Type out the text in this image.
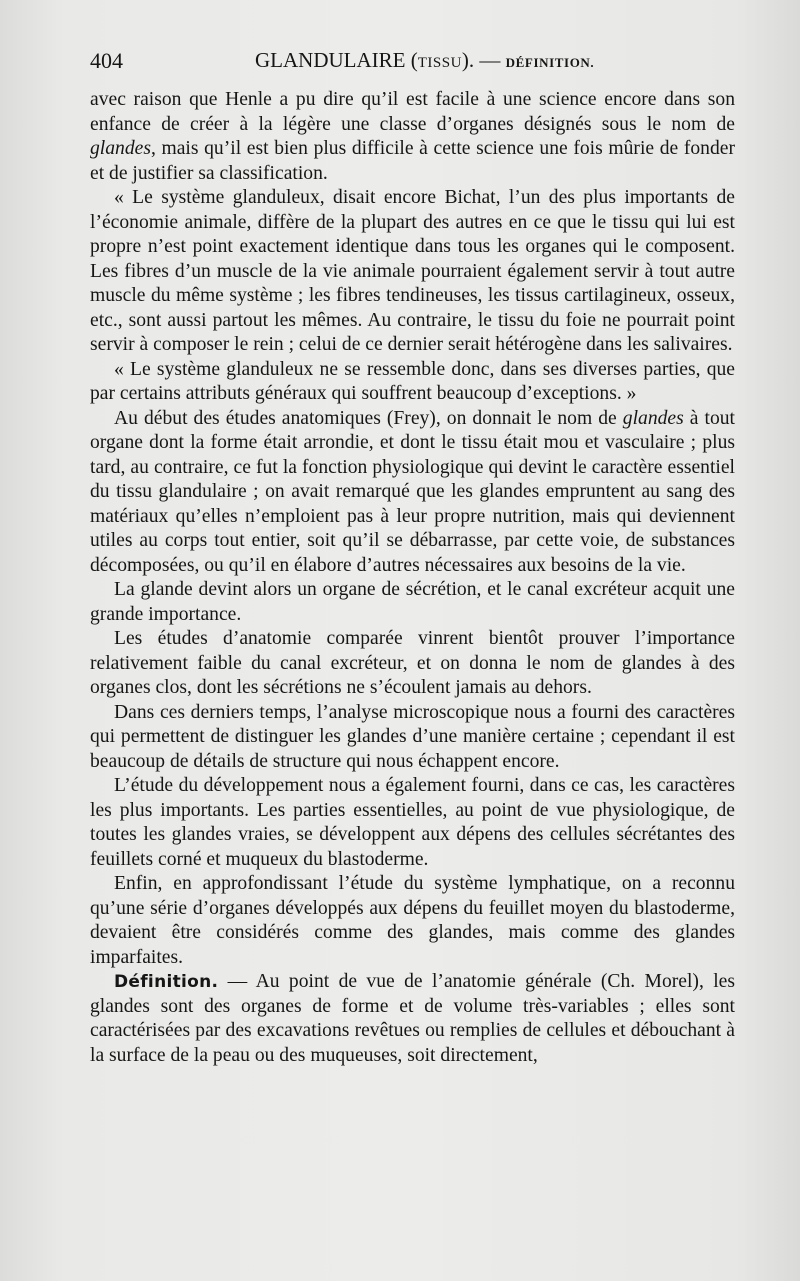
404	GLANDULAIRE (TISSU). — DÉFINITION.

avec raison que Henle a pu dire qu’il est facile à une science encore dans son enfance de créer à la légère une classe d’organes désignés sous le nom de glandes, mais qu’il est bien plus difficile à cette science une fois mûrie de fonder et de justifier sa classification.

« Le système glanduleux, disait encore Bichat, l’un des plus importants de l’économie animale, diffère de la plupart des autres en ce que le tissu qui lui est propre n’est point exactement identique dans tous les organes qui le composent. Les fibres d’un muscle de la vie animale pourraient également servir à tout autre muscle du même système ; les fibres tendineuses, les tissus cartilagineux, osseux, etc., sont aussi partout les mêmes. Au contraire, le tissu du foie ne pourrait point servir à composer le rein ; celui de ce dernier serait hétérogène dans les salivaires.

« Le système glanduleux ne se ressemble donc, dans ses diverses parties, que par certains attributs généraux qui souffrent beaucoup d’exceptions. »

Au début des études anatomiques (Frey), on donnait le nom de glandes à tout organe dont la forme était arrondie, et dont le tissu était mou et vasculaire ; plus tard, au contraire, ce fut la fonction physiologique qui devint le caractère essentiel du tissu glandulaire ; on avait remarqué que les glandes empruntent au sang des matériaux qu’elles n’emploient pas à leur propre nutrition, mais qui deviennent utiles au corps tout entier, soit qu’il se débarrasse, par cette voie, de substances décomposées, ou qu’il en élabore d’autres nécessaires aux besoins de la vie.

La glande devint alors un organe de sécrétion, et le canal excréteur acquit une grande importance.

Les études d’anatomie comparée vinrent bientôt prouver l’importance relativement faible du canal excréteur, et on donna le nom de glandes à des organes clos, dont les sécrétions ne s’écoulent jamais au dehors.

Dans ces derniers temps, l’analyse microscopique nous a fourni des caractères qui permettent de distinguer les glandes d’une manière certaine ; cependant il est beaucoup de détails de structure qui nous échappent encore.

L’étude du développement nous a également fourni, dans ce cas, les caractères les plus importants. Les parties essentielles, au point de vue physiologique, de toutes les glandes vraies, se développent aux dépens des cellules sécrétantes des feuillets corné et muqueux du blastoderme.

Enfin, en approfondissant l’étude du système lymphatique, on a reconnu qu’une série d’organes développés aux dépens du feuillet moyen du blastoderme, devaient être considérés comme des glandes, mais comme des glandes imparfaites.

Définition. — Au point de vue de l’anatomie générale (Ch. Morel), les glandes sont des organes de forme et de volume très-variables ; elles sont caractérisées par des excavations revêtues ou remplies de cellules et débouchant à la surface de la peau ou des muqueuses, soit directement,
